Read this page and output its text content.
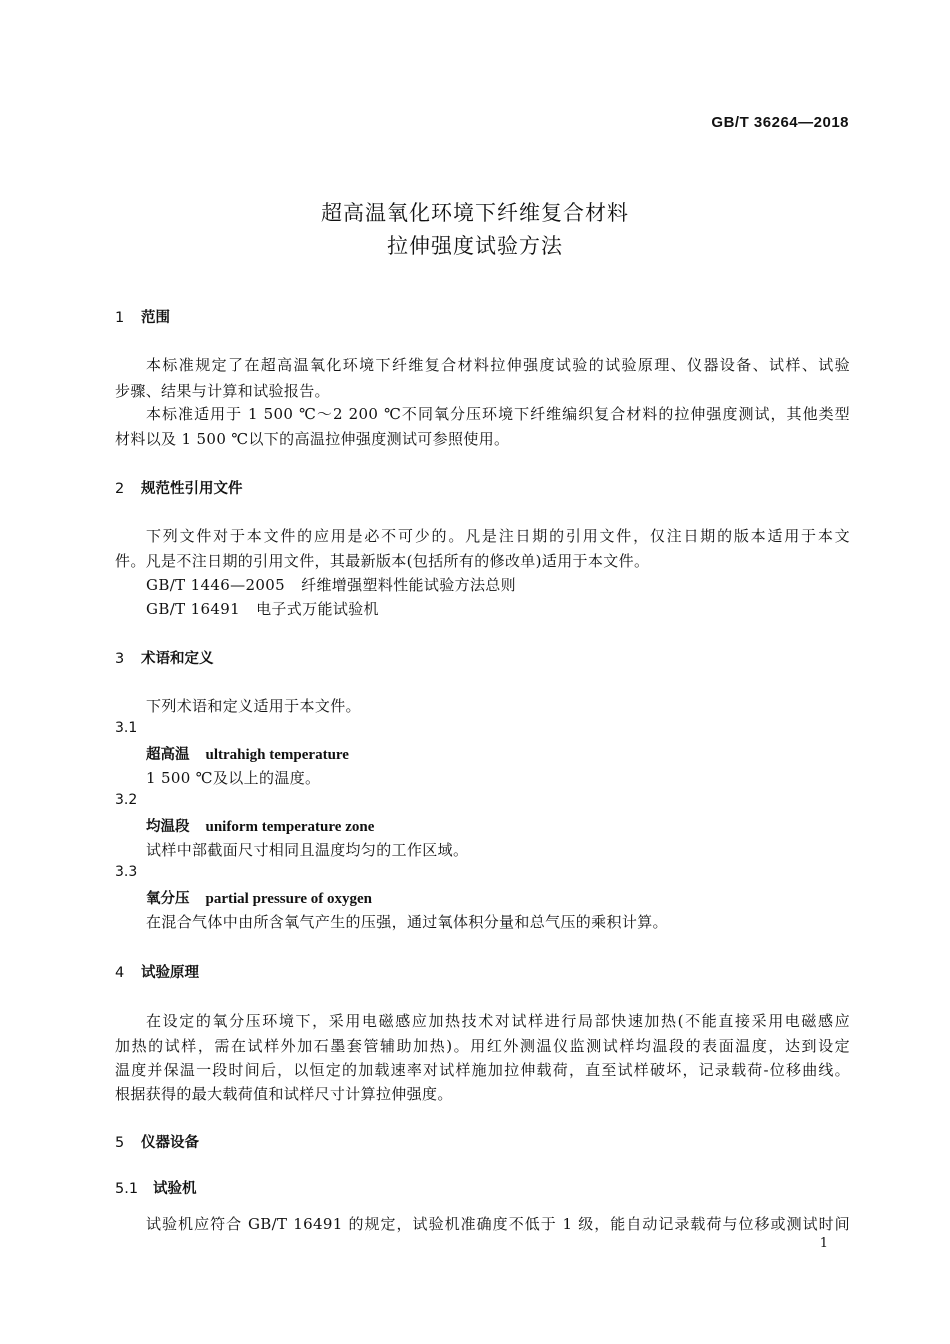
GB/T 36264—2018
超高温氧化环境下纤维复合材料
拉伸强度试验方法
1 范围
本标准规定了在超高温氧化环境下纤维复合材料拉伸强度试验的试验原理、仪器设备、试样、试验
步骤、结果与计算和试验报告。
本标准适用于 1 500 ℃～2 200 ℃不同氧分压环境下纤维编织复合材料的拉伸强度测试，其他类型
材料以及 1 500 ℃以下的高温拉伸强度测试可参照使用。
2 规范性引用文件
下列文件对于本文件的应用是必不可少的。凡是注日期的引用文件，仅注日期的版本适用于本文
件。凡是不注日期的引用文件，其最新版本(包括所有的修改单)适用于本文件。
GB/T 1446—2005 纤维增强塑料性能试验方法总则
GB/T 16491 电子式万能试验机
3 术语和定义
下列术语和定义适用于本文件。
3.1
超高温 ultrahigh temperature
1 500 ℃及以上的温度。
3.2
均温段 uniform temperature zone
试样中部截面尺寸相同且温度均匀的工作区域。
3.3
氧分压 partial pressure of oxygen
在混合气体中由所含氧气产生的压强，通过氧体积分量和总气压的乘积计算。
4 试验原理
在设定的氧分压环境下，采用电磁感应加热技术对试样进行局部快速加热(不能直接采用电磁感应
加热的试样，需在试样外加石墨套管辅助加热)。用红外测温仪监测试样均温段的表面温度，达到设定
温度并保温一段时间后，以恒定的加载速率对试样施加拉伸载荷，直至试样破坏，记录载荷-位移曲线。
根据获得的最大载荷值和试样尺寸计算拉伸强度。
5 仪器设备
5.1 试验机
试验机应符合 GB/T 16491 的规定，试验机准确度不低于 1 级，能自动记录载荷与位移或测试时间
1
